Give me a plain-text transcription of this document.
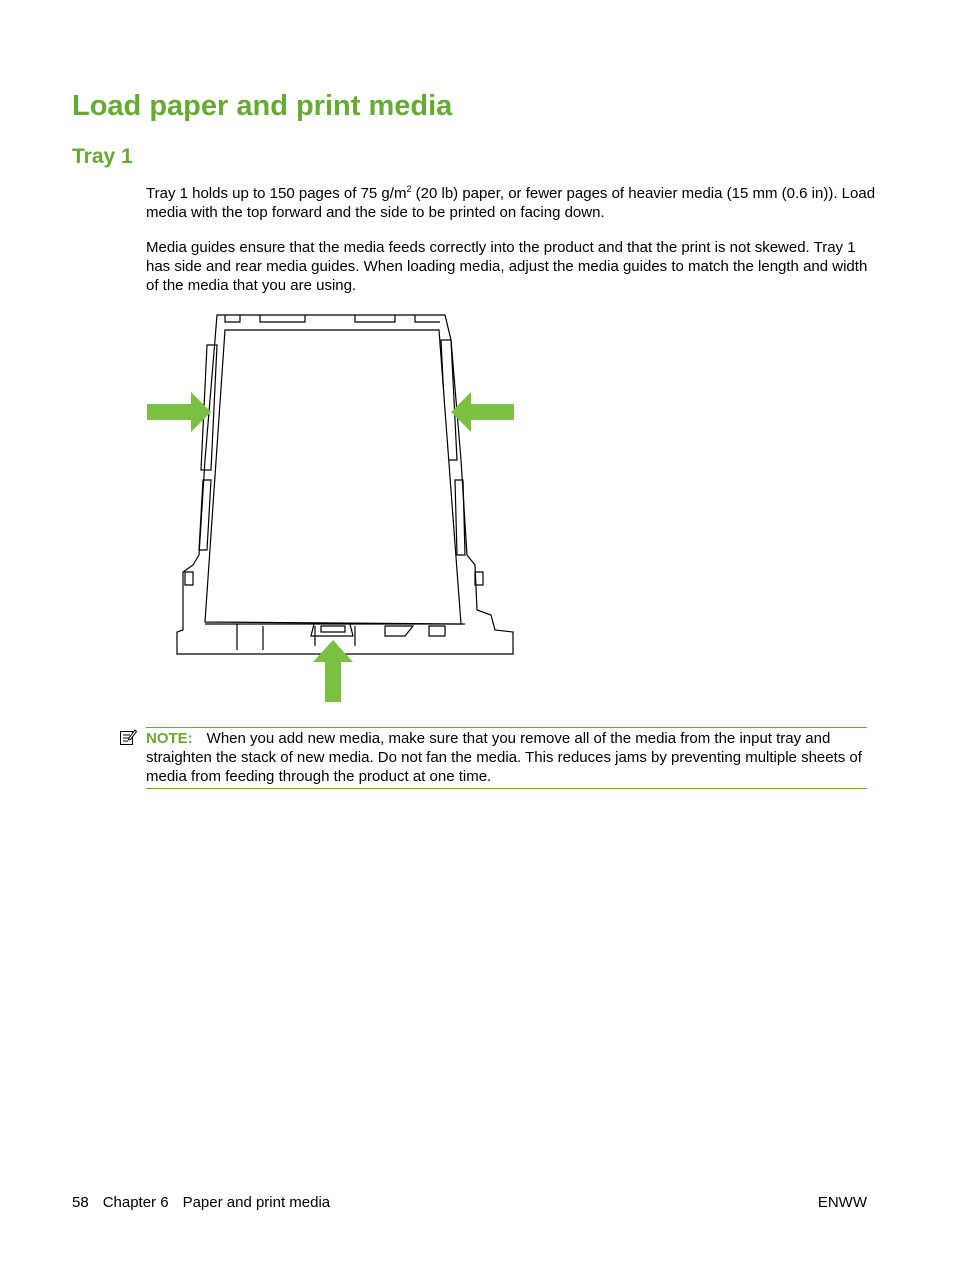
Load paper and print media
Tray 1

Tray 1 holds up to 150 pages of 75 $g/m^2$ (20 lb) paper, or fewer pages of heavier media (15 mm (0.6 in)). Load media with the top forward and the side to be printed on facing down.

Media guides ensure that the media feeds correctly into the product and that the print is not skewed. Tray 1 has side and rear media guides. When loading media, adjust the media guides to match the length and width of the media that you are using.

NOTE: When you add new media, make sure that you remove all of the media from the input tray and straighten the stack of new media. Do not fan the media. This reduces jams by preventing multiple sheets of media from feeding through the product at one time.
58 Chapter 6 Paper and print media	ENWW
